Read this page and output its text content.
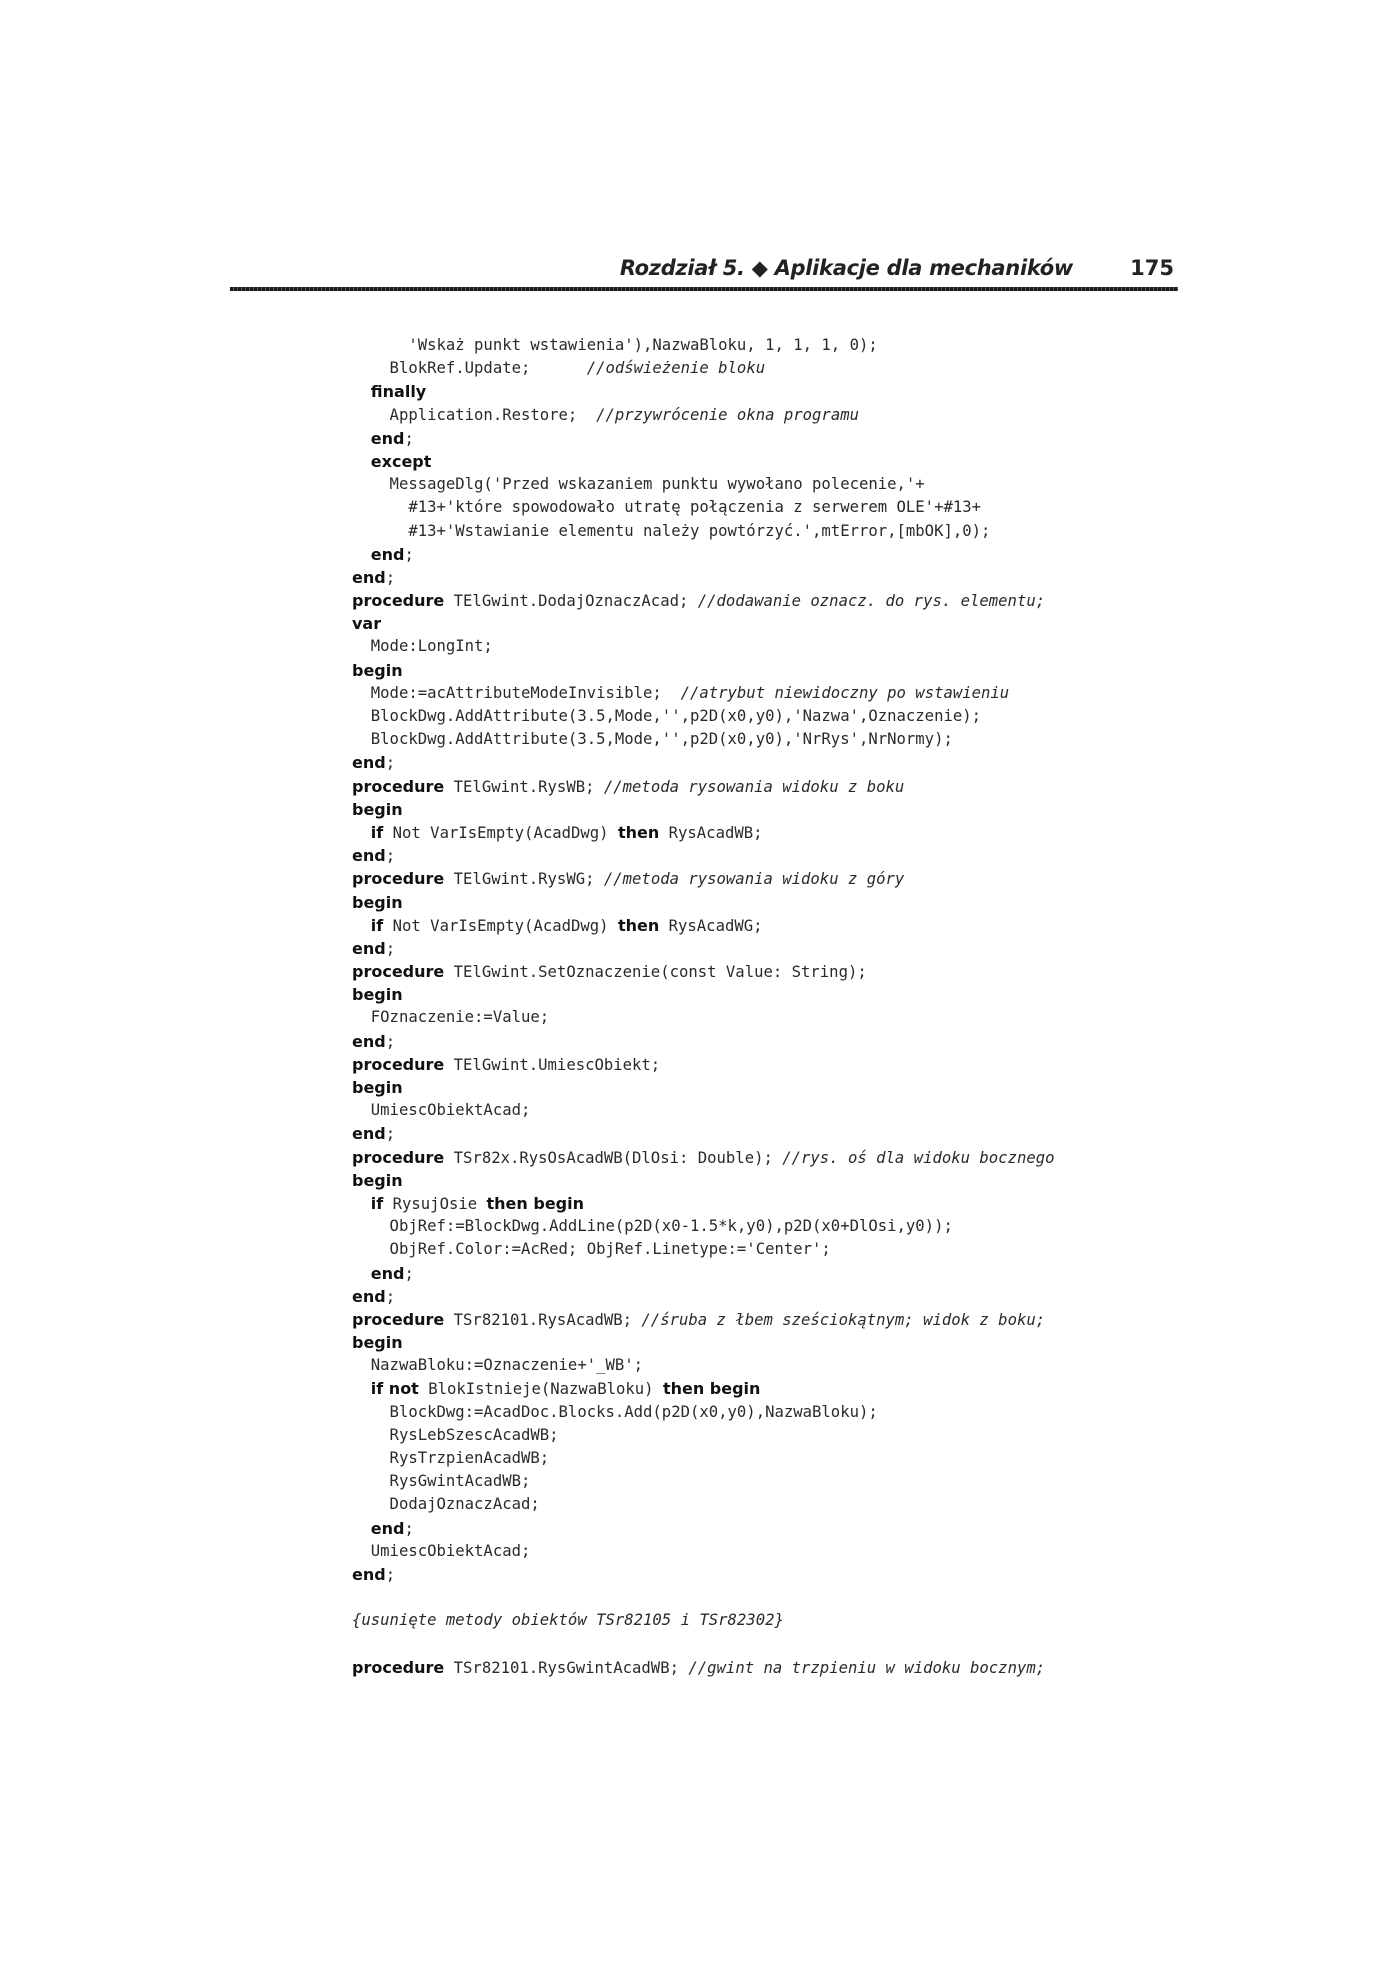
Rozdział 5. ◆ Aplikacje dla mechaników	175
'Wskaż punkt wstawienia'),NazwaBloku, 1, 1, 1, 0);
BlokRef.Update;      //odświeżenie bloku
finally
Application.Restore;  //przywrócenie okna programu
end;
except
MessageDlg('Przed wskazaniem punktu wywołano polecenie,'+
#13+'które spowodowało utratę połączenia z serwerem OLE'+#13+
#13+'Wstawianie elementu należy powtórzyć.',mtError,[mbOK],0);
end;
end;
procedure TElGwint.DodajOznaczAcad; //dodawanie oznacz. do rys. elementu;
var
Mode:LongInt;
begin
Mode:=acAttributeModeInvisible;  //atrybut niewidoczny po wstawieniu
BlockDwg.AddAttribute(3.5,Mode,'',p2D(x0,y0),'Nazwa',Oznaczenie);
BlockDwg.AddAttribute(3.5,Mode,'',p2D(x0,y0),'NrRys',NrNormy);
end;
procedure TElGwint.RysWB; //metoda rysowania widoku z boku
begin
if Not VarIsEmpty(AcadDwg) then RysAcadWB;
end;
procedure TElGwint.RysWG; //metoda rysowania widoku z góry
begin
if Not VarIsEmpty(AcadDwg) then RysAcadWG;
end;
procedure TElGwint.SetOznaczenie(const Value: String);
begin
FOznaczenie:=Value;
end;
procedure TElGwint.UmiescObiekt;
begin
UmiescObiektAcad;
end;
procedure TSr82x.RysOsAcadWB(DlOsi: Double); //rys. oś dla widoku bocznego
begin
if RysujOsie then begin
ObjRef:=BlockDwg.AddLine(p2D(x0-1.5*k,y0),p2D(x0+DlOsi,y0));
ObjRef.Color:=AcRed; ObjRef.Linetype:='Center';
end;
end;
procedure TSr82101.RysAcadWB; //śruba z łbem sześciokątnym; widok z boku;
begin
NazwaBloku:=Oznaczenie+'_WB';
if not BlokIstnieje(NazwaBloku) then begin
BlockDwg:=AcadDoc.Blocks.Add(p2D(x0,y0),NazwaBloku);
RysLebSzescAcadWB;
RysTrzpienAcadWB;
RysGwintAcadWB;
DodajOznaczAcad;
end;
UmiescObiektAcad;
end;
{usunięte metody obiektów TSr82105 i TSr82302}
procedure TSr82101.RysGwintAcadWB; //gwint na trzpieniu w widoku bocznym;
